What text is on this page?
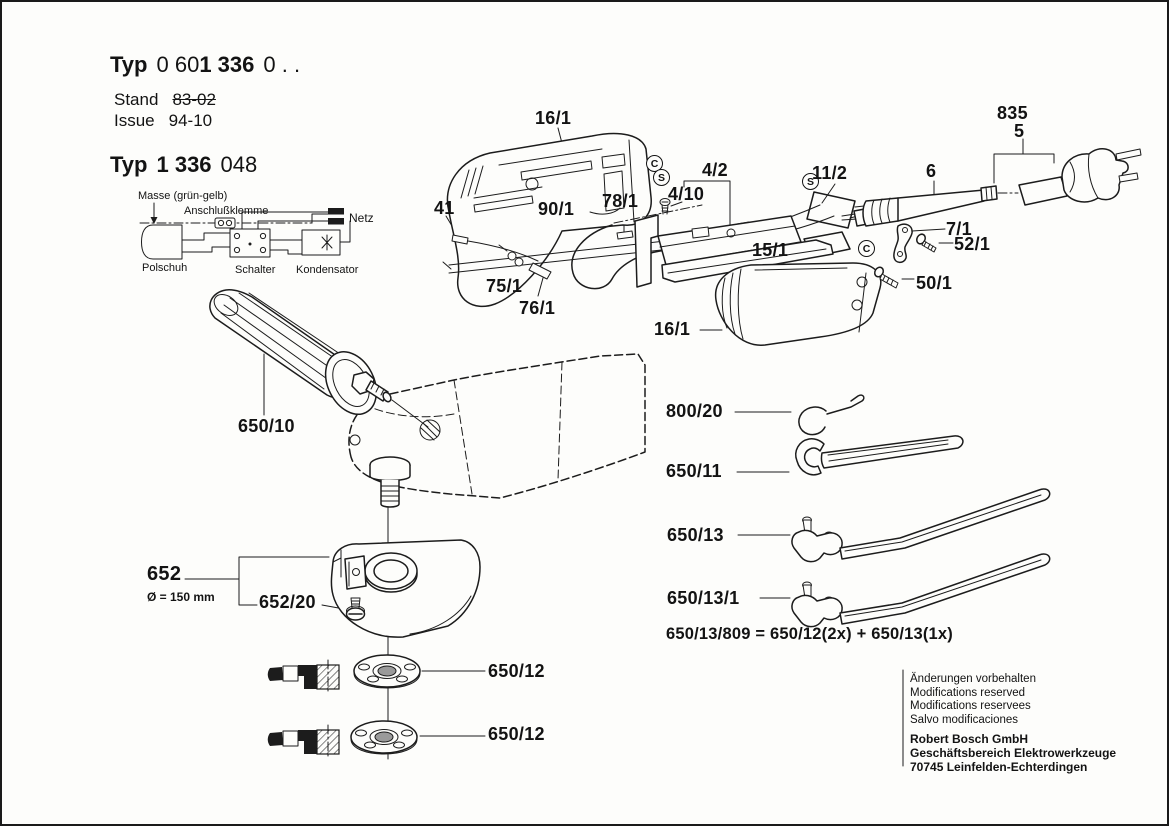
Typ 0 601 336 0 . .
Stand 83-02
Issue 94-10
Typ 1 336 048
Masse (grün-gelb)
Anschlußklemme	Netz
Polschuh	Schalter Kondensator
C
S	S
C
16/1	835
5
4/2
4/10
11/2	6
41	90/1 78/1
7/1
52/1
15/1
50/1
75/1
76/1
16/1
650/10
800/20
650/11
650/13
650/13/1
650/13/809 = 650/12(2x) + 650/13(1x)
652
Ø = 150 mm 652/20
650/12
650/12
Änderungen vorbehalten
Modifications reserved
Modifications reservees
Salvo modificaciones
Robert Bosch GmbH
Geschäftsbereich Elektrowerkzeuge
70745 Leinfelden-Echterdingen
